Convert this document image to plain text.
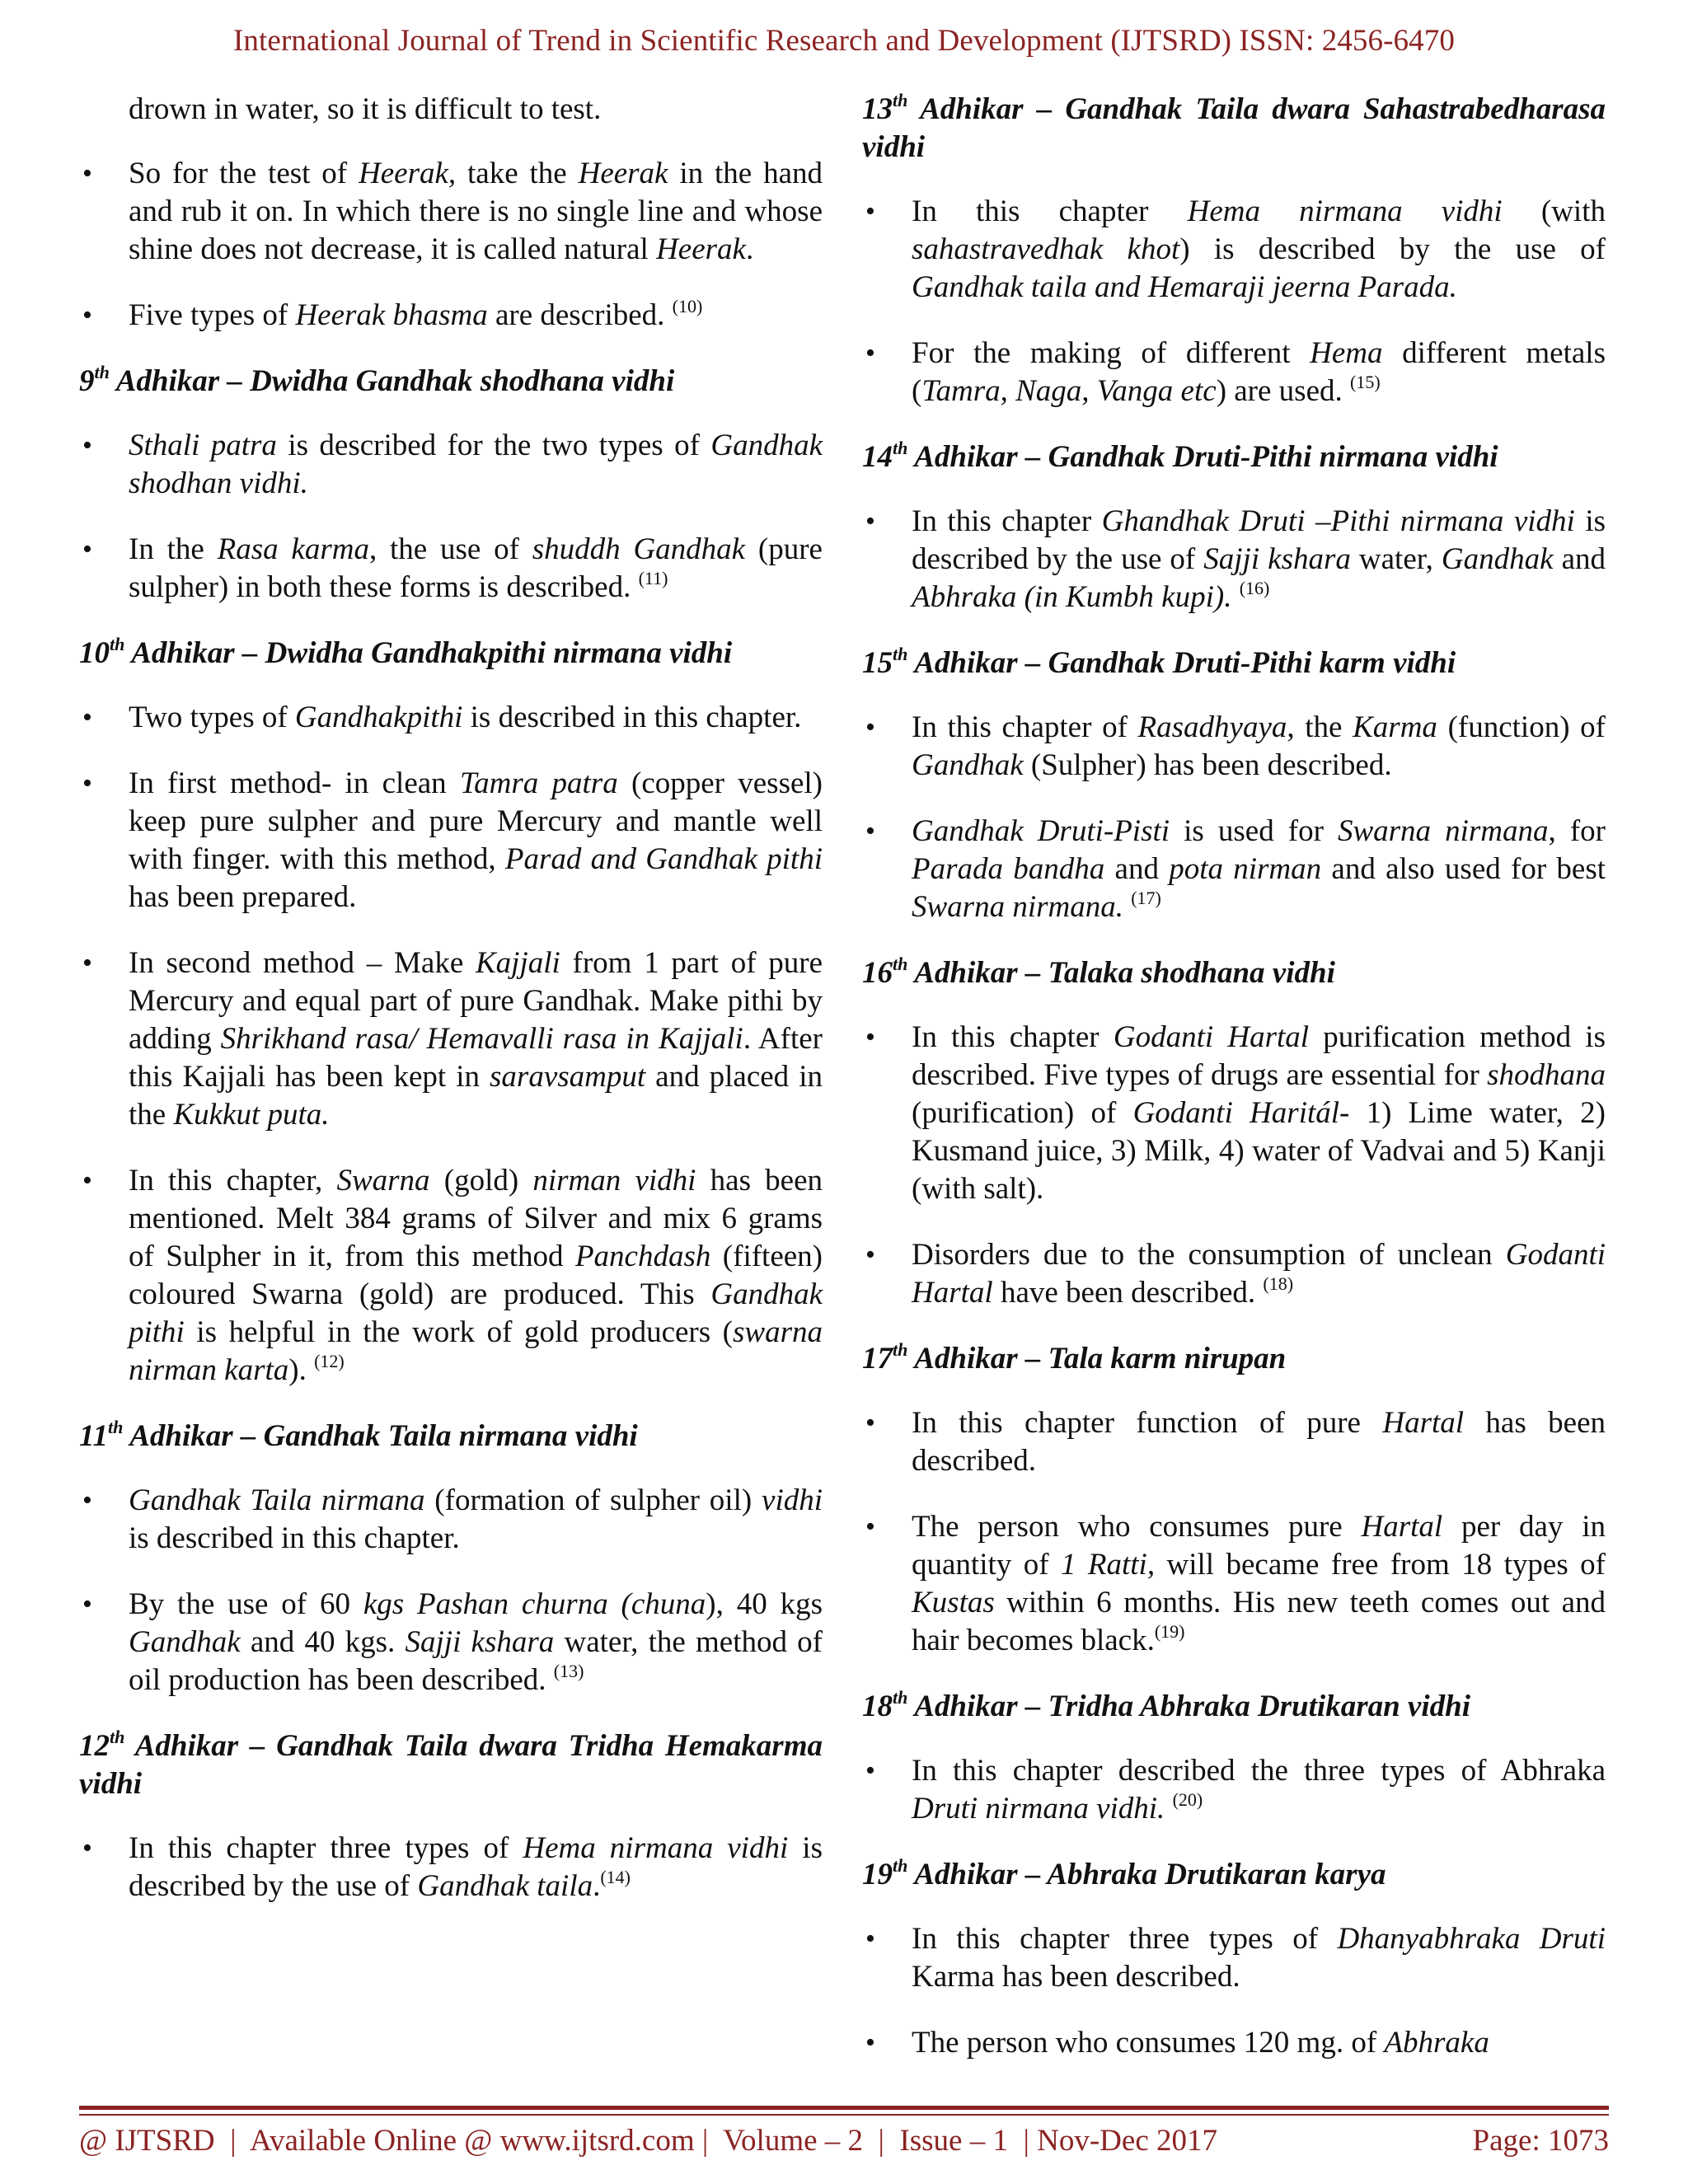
International Journal of Trend in Scientific Research and Development (IJTSRD) ISSN: 2456-6470

drown in water, so it is difficult to test.

• So for the test of Heerak, take the Heerak in the hand and rub it on. In which there is no single line and whose shine does not decrease, it is called natural Heerak.
• Five types of Heerak bhasma are described. $^{(10)}$
9th Adhikar – Dwidha Gandhak shodhana vidhi
• Sthali patra is described for the two types of Gandhak shodhan vidhi.
• In the Rasa karma, the use of shuddh Gandhak (pure sulpher) in both these forms is described. $^{(11)}$
10th Adhikar – Dwidha Gandhakpithi nirmana vidhi
• Two types of Gandhakpithi is described in this chapter.
• In first method- in clean Tamra patra (copper vessel) keep pure sulpher and pure Mercury and mantle well with finger. with this method, Parad and Gandhak pithi has been prepared.
• In second method – Make Kajjali from 1 part of pure Mercury and equal part of pure Gandhak. Make pithi by adding Shrikhand rasa/ Hemavalli rasa in Kajjali. After this Kajjali has been kept in saravsamput and placed in the Kukkut puta.
• In this chapter, Swarna (gold) nirman vidhi has been mentioned. Melt 384 grams of Silver and mix 6 grams of Sulpher in it, from this method Panchdash (fifteen) coloured Swarna (gold) are produced. This Gandhak pithi is helpful in the work of gold producers (swarna nirman karta). $^{(12)}$
11th Adhikar – Gandhak Taila nirmana vidhi
• Gandhak Taila nirmana (formation of sulpher oil) vidhi is described in this chapter.
• By the use of 60 kgs Pashan churna (chuna), 40 kgs Gandhak and 40 kgs. Sajji kshara water, the method of oil production has been described. $^{(13)}$
12th Adhikar – Gandhak Taila dwara Tridha Hemakarma vidhi
• In this chapter three types of Hema nirmana vidhi is described by the use of Gandhak taila.$^{(14)}$
13th Adhikar – Gandhak Taila dwara Sahastrabedharasa vidhi
• In this chapter Hema nirmana vidhi (with sahastravedhak khot) is described by the use of Gandhak taila and Hemaraji jeerna Parada.
• For the making of different Hema different metals (Tamra, Naga, Vanga etc) are used. $^{(15)}$
14th Adhikar – Gandhak Druti-Pithi nirmana vidhi
• In this chapter Ghandhak Druti –Pithi nirmana vidhi is described by the use of Sajji kshara water, Gandhak and Abhraka (in Kumbh kupi). $^{(16)}$
15th Adhikar – Gandhak Druti-Pithi karm vidhi
• In this chapter of Rasadhyaya, the Karma (function) of Gandhak (Sulpher) has been described.
• Gandhak Druti-Pisti is used for Swarna nirmana, for Parada bandha and pota nirman and also used for best Swarna nirmana. $^{(17)}$
16th Adhikar – Talaka shodhana vidhi
• In this chapter Godanti Hartal purification method is described. Five types of drugs are essential for shodhana (purification) of Godanti Haritál- 1) Lime water, 2) Kusmand juice, 3) Milk, 4) water of Vadvai and 5) Kanji (with salt).
• Disorders due to the consumption of unclean Godanti Hartal have been described. $^{(18)}$
17th Adhikar – Tala karm nirupan
• In this chapter function of pure Hartal has been described.
• The person who consumes pure Hartal per day in quantity of 1 Ratti, will became free from 18 types of Kustas within 6 months. His new teeth comes out and hair becomes black.$^{(19)}$
18th Adhikar – Tridha Abhraka Drutikaran vidhi
• In this chapter described the three types of Abhraka Druti nirmana vidhi. $^{(20)}$
19th Adhikar – Abhraka Drutikaran karya
• In this chapter three types of Dhanyabhraka Druti Karma has been described.
• The person who consumes 120 mg. of Abhraka
@ IJTSRD  |  Available Online @ www.ijtsrd.com |  Volume – 2  |  Issue – 1  | Nov-Dec 2017	Page: 1073
